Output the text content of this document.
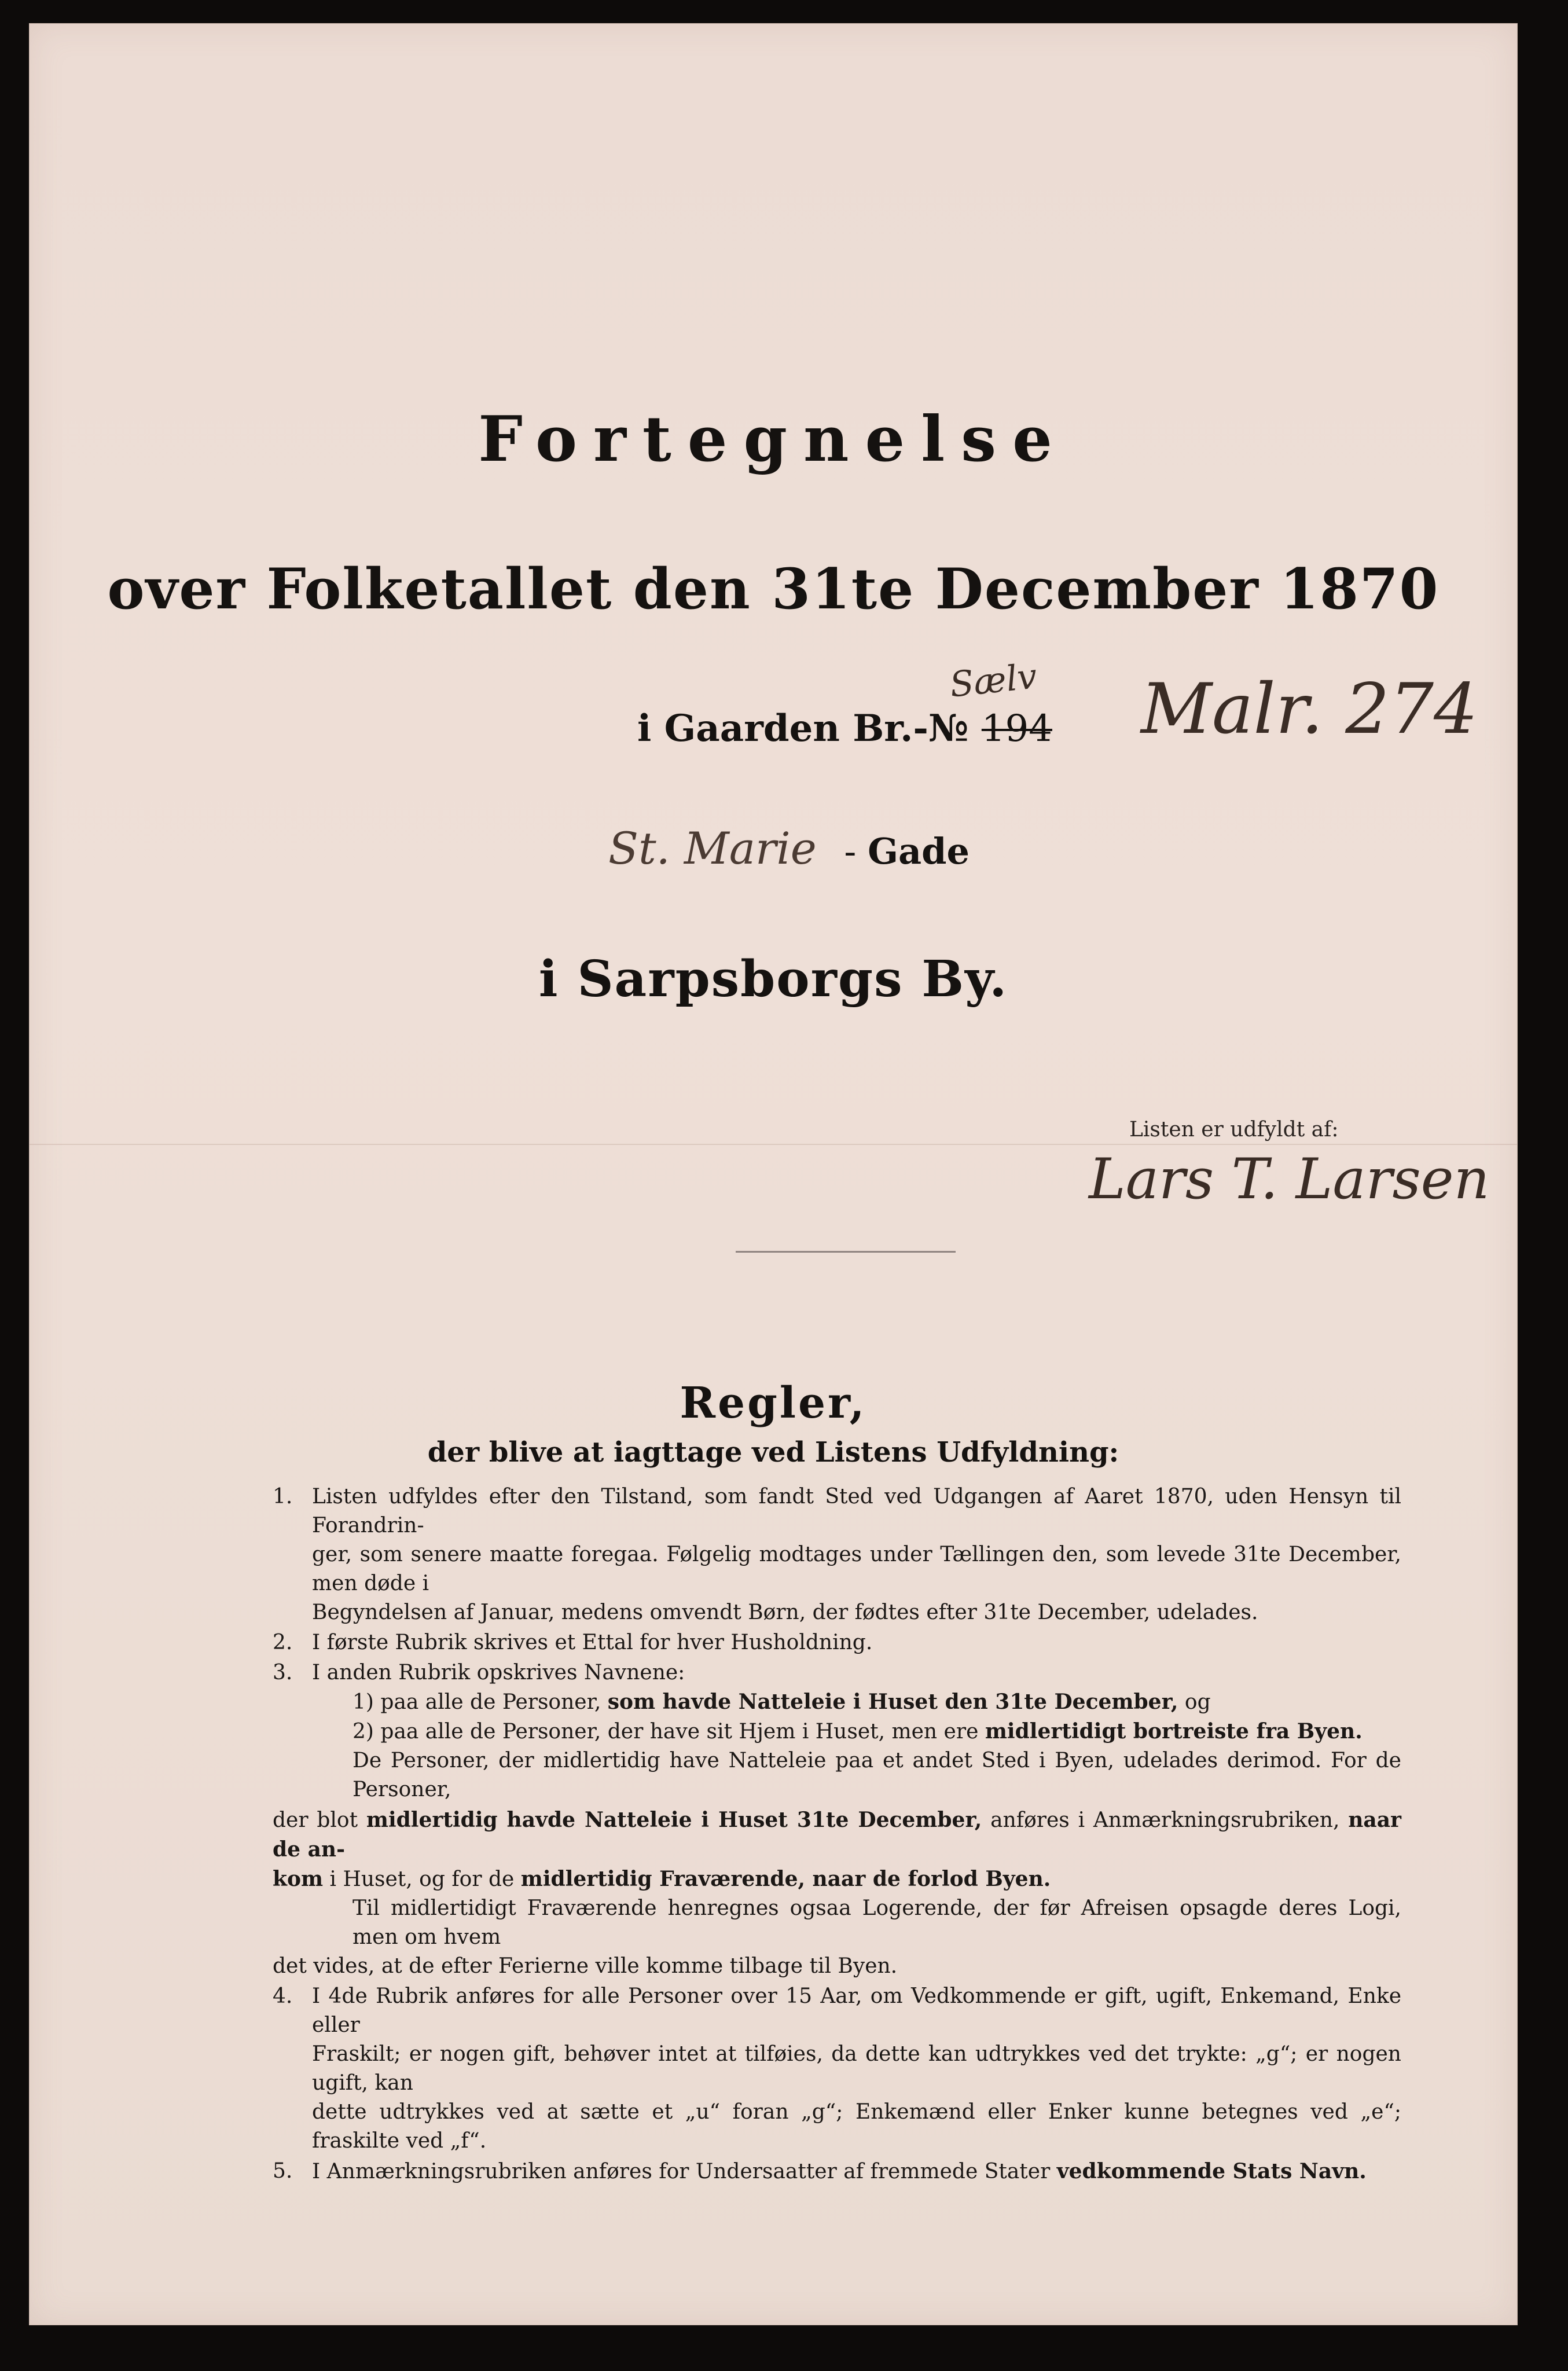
Fortegnelse
over Folketallet den 31te December 1870
Sælv
i Gaarden Br.-№ 194 Malr. 274
St. Marie - Gade
i Sarpsborgs By.
Listen er udfyldt af:
Lars T. Larsen
Regler,
der blive at iagttage ved Listens Udfyldning:
1. Listen udfyldes efter den Tilstand, som fandt Sted ved Udgangen af Aaret 1870, uden Hensyn til Forandrin-
ger, som senere maatte foregaa. Følgelig modtages under Tællingen den, som levede 31te December, men døde i
Begyndelsen af Januar, medens omvendt Børn, der fødtes efter 31te December, udelades.
2. I første Rubrik skrives et Ettal for hver Husholdning.
3. I anden Rubrik opskrives Navnene:
1) paa alle de Personer, som havde Natteleie i Huset den 31te December, og
2) paa alle de Personer, der have sit Hjem i Huset, men ere midlertidigt bortreiste fra Byen.
De Personer, der midlertidig have Natteleie paa et andet Sted i Byen, udelades derimod. For de Personer,
der blot midlertidig havde Natteleie i Huset 31te December, anføres i Anmærkningsrubriken, naar de an-
kom i Huset, og for de midlertidig Fraværende, naar de forlod Byen.
Til midlertidigt Fraværende henregnes ogsaa Logerende, der før Afreisen opsagde deres Logi, men om hvem
det vides, at de efter Ferierne ville komme tilbage til Byen.
4. I 4de Rubrik anføres for alle Personer over 15 Aar, om Vedkommende er gift, ugift, Enkemand, Enke eller
Fraskilt; er nogen gift, behøver intet at tilføies, da dette kan udtrykkes ved det trykte: „g“; er nogen ugift, kan
dette udtrykkes ved at sætte et „u“ foran „g“; Enkemænd eller Enker kunne betegnes ved „e“; fraskilte ved „f“.
5. I Anmærkningsrubriken anføres for Undersaatter af fremmede Stater vedkommende Stats Navn.
